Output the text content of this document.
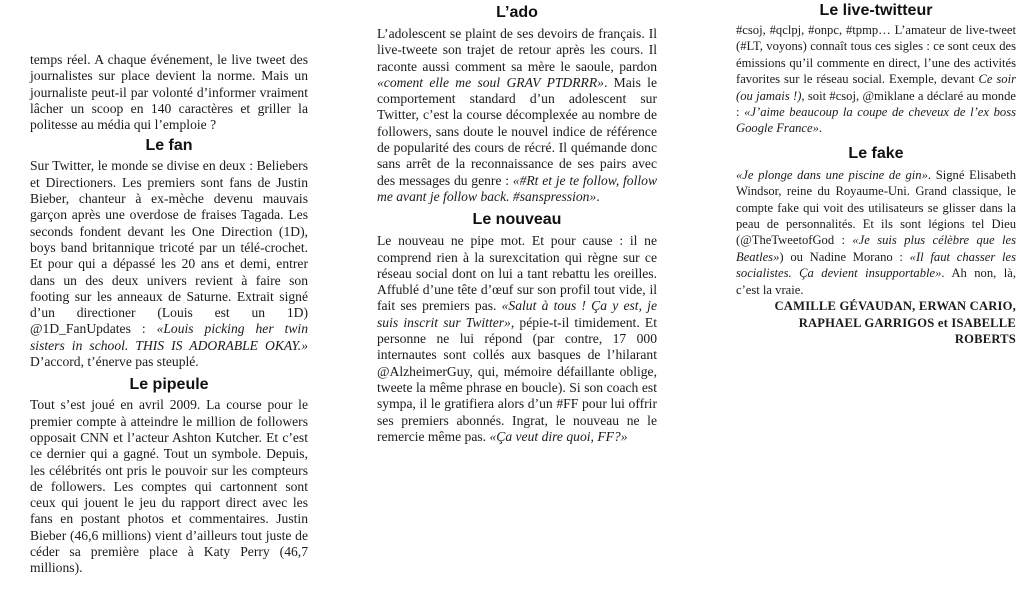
temps réel. A chaque événement, le live tweet des journalistes sur place devient la norme. Mais un journaliste peut-il par volonté d’informer vraiment lâcher un scoop en 140 caractères et griller la politesse au média qui l’emploie ?

Le fan

Sur Twitter, le monde se divise en deux : Beliebers et Directioners. Les premiers sont fans de Justin Bieber, chanteur à ex-mèche devenu mauvais garçon après une overdose de fraises Tagada. Les seconds fondent devant les One Direction (1D), boys band britannique tricoté par un télé-crochet. Et pour qui a dépassé les 20 ans et demi, entrer dans un des deux univers revient à faire son footing sur les anneaux de Saturne. Extrait signé d’un directioner (Louis est un 1D) @1D_FanUpdates : «Louis picking her twin sisters in school. THIS IS ADORABLE OKAY.» D’accord, t’énerve pas steuplé.

Le pipeule

Tout s’est joué en avril 2009. La course pour le premier compte à atteindre le million de followers opposait CNN et l’acteur Ashton Kutcher. Et c’est ce dernier qui a gagné. Tout un symbole. Depuis, les célébrités ont pris le pouvoir sur les compteurs de followers. Les comptes qui cartonnent sont ceux qui jouent le jeu du rapport direct avec les fans en postant photos et commentaires. Justin Bieber (46,6 millions) vient d’ailleurs tout juste de céder sa première place à Katy Perry (46,7 millions).

L’ado

L’adolescent se plaint de ses devoirs de français. Il live-tweete son trajet de retour après les cours. Il raconte aussi comment sa mère le saoule, pardon «coment elle me soul GRAV PTDRRR». Mais le comportement standard d’un adolescent sur Twitter, c’est la course décomplexée au nombre de followers, sans doute le nouvel indice de référence de popularité des cours de récré. Il quémande donc sans arrêt de la reconnaissance de ses pairs avec des messages du genre : «#Rt et je te follow, follow me avant je follow back. #sanspression».

Le nouveau

Le nouveau ne pipe mot. Et pour cause : il ne comprend rien à la surexcitation qui règne sur ce réseau social dont on lui a tant rebattu les oreilles. Affublé d’une tête d’œuf sur son profil tout vide, il fait ses premiers pas. «Salut à tous ! Ça y est, je suis inscrit sur Twitter», pépie-t-il timidement. Et personne ne lui répond (par contre, 17 000 internautes sont collés aux basques de l’hilarant @AlzheimerGuy, qui, mémoire défaillante oblige, tweete la même phrase en boucle). Si son coach est sympa, il le gratifiera alors d’un #FF pour lui offrir ses premiers abonnés. Ingrat, le nouveau ne le remercie même pas. «Ça veut dire quoi, FF?»

Le live-twitteur

#csoj, #qclpj, #onpc, #tpmp… L’amateur de live-tweet (#LT, voyons) connaît tous ces sigles : ce sont ceux des émissions qu’il commente en direct, l’une des activités favorites sur le réseau social. Exemple, devant Ce soir (ou jamais !), soit #csoj, @miklane a déclaré au monde : «J’aime beaucoup la coupe de cheveux de l’ex boss Google France».

Le fake

«Je plonge dans une piscine de gin». Signé Elisabeth Windsor, reine du Royaume-Uni. Grand classique, le compte fake qui voit des utilisateurs se glisser dans la peau de personnalités. Et ils sont légions tel Dieu (@TheTweetofGod : «Je suis plus célèbre que les Beatles») ou Nadine Morano : «Il faut chasser les socialistes. Ça devient insupportable». Ah non, là, c’est la vraie.

CAMILLE GÉVAUDAN, ERWAN CARIO,

RAPHAEL GARRIGOS et ISABELLE ROBERTS
